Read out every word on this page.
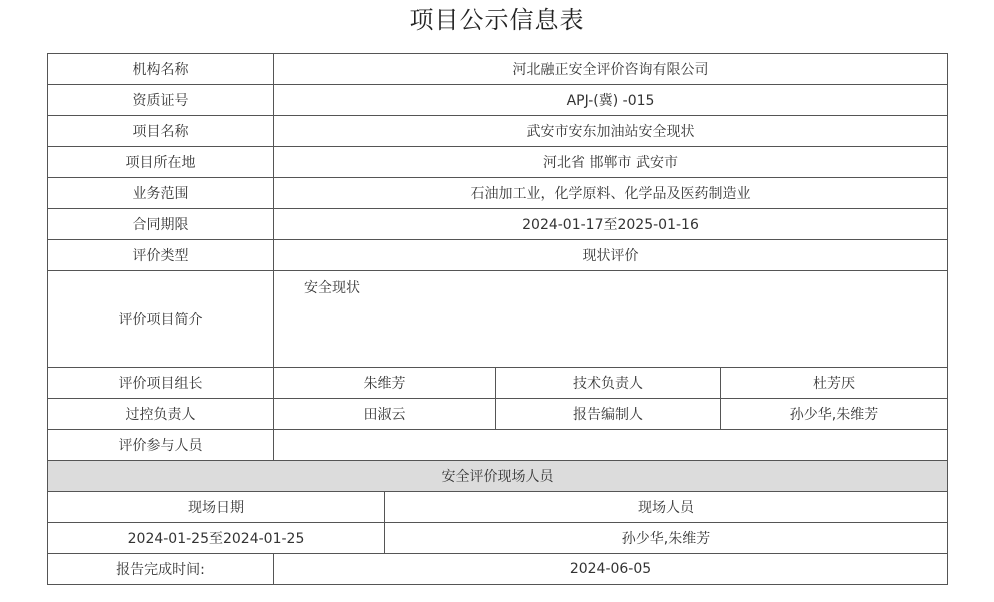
项目公示信息表

机构名称	河北融正安全评价咨询有限公司			
资质证号	APJ-(冀) -015			
项目名称	武安市安东加油站安全现状			
项目所在地	河北省 邯郸市 武安市			
业务范围	石油加工业，化学原料、化学品及医药制造业			
合同期限	2024-01-17至2025-01-16			
评价类型	现状评价			
评价项目简介	安全现状			
评价项目组长	朱维芳		技术负责人	杜芳厌
过控负责人	田淑云		报告编制人	孙少华,朱维芳
评价参与人员				
安全评价现场人员				
现场日期		现场人员		
2024-01-25至2024-01-25		孙少华,朱维芳		
报告完成时间:	2024-06-05			
